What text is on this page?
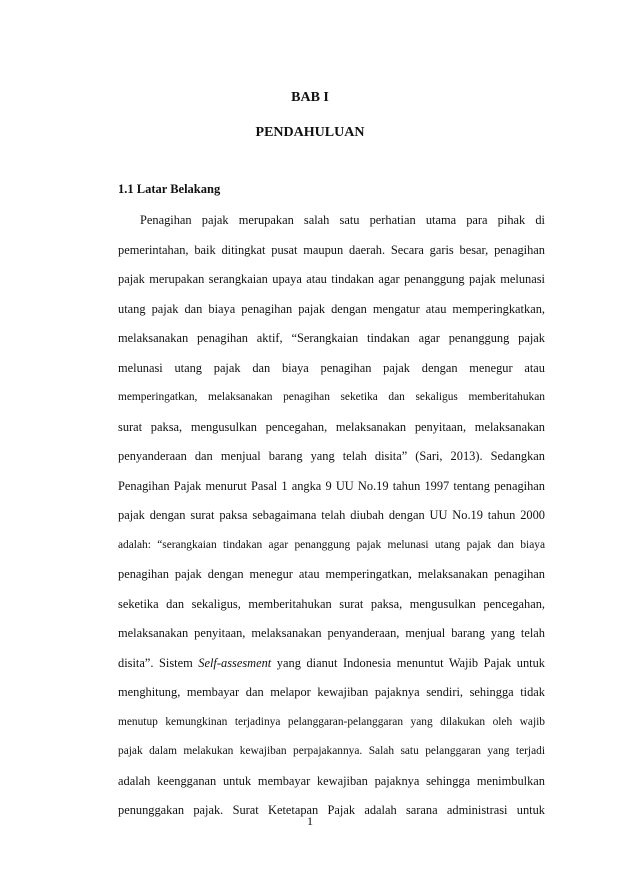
BAB I
PENDAHULUAN
1.1 Latar Belakang
Penagihan pajak merupakan salah satu perhatian utama para pihak di
pemerintahan, baik ditingkat pusat maupun daerah. Secara garis besar, penagihan
pajak merupakan serangkaian upaya atau tindakan agar penanggung pajak melunasi
utang pajak dan biaya penagihan pajak dengan mengatur atau memperingkatkan,
melaksanakan penagihan aktif, “Serangkaian tindakan agar penanggung pajak
melunasi utang pajak dan biaya penagihan pajak dengan menegur atau
memperingatkan, melaksanakan penagihan seketika dan sekaligus memberitahukan
surat paksa, mengusulkan pencegahan, melaksanakan penyitaan, melaksanakan
penyanderaan dan menjual barang yang telah disita” (Sari, 2013). Sedangkan
Penagihan Pajak menurut Pasal 1 angka 9 UU No.19 tahun 1997 tentang penagihan
pajak dengan surat paksa sebagaimana telah diubah dengan UU No.19 tahun 2000
adalah: “serangkaian tindakan agar penanggung pajak melunasi utang pajak dan biaya
penagihan pajak dengan menegur atau memperingatkan, melaksanakan penagihan
seketika dan sekaligus, memberitahukan surat paksa, mengusulkan pencegahan,
melaksanakan penyitaan, melaksanakan penyanderaan, menjual barang yang telah
disita”. Sistem Self-assesment yang dianut Indonesia menuntut Wajib Pajak untuk
menghitung, membayar dan melapor kewajiban pajaknya sendiri, sehingga tidak
menutup kemungkinan terjadinya pelanggaran-pelanggaran yang dilakukan oleh wajib
pajak dalam melakukan kewajiban perpajakannya. Salah satu pelanggaran yang terjadi
adalah keengganan untuk membayar kewajiban pajaknya sehingga menimbulkan
penunggakan pajak. Surat Ketetapan Pajak adalah sarana administrasi untuk
1
